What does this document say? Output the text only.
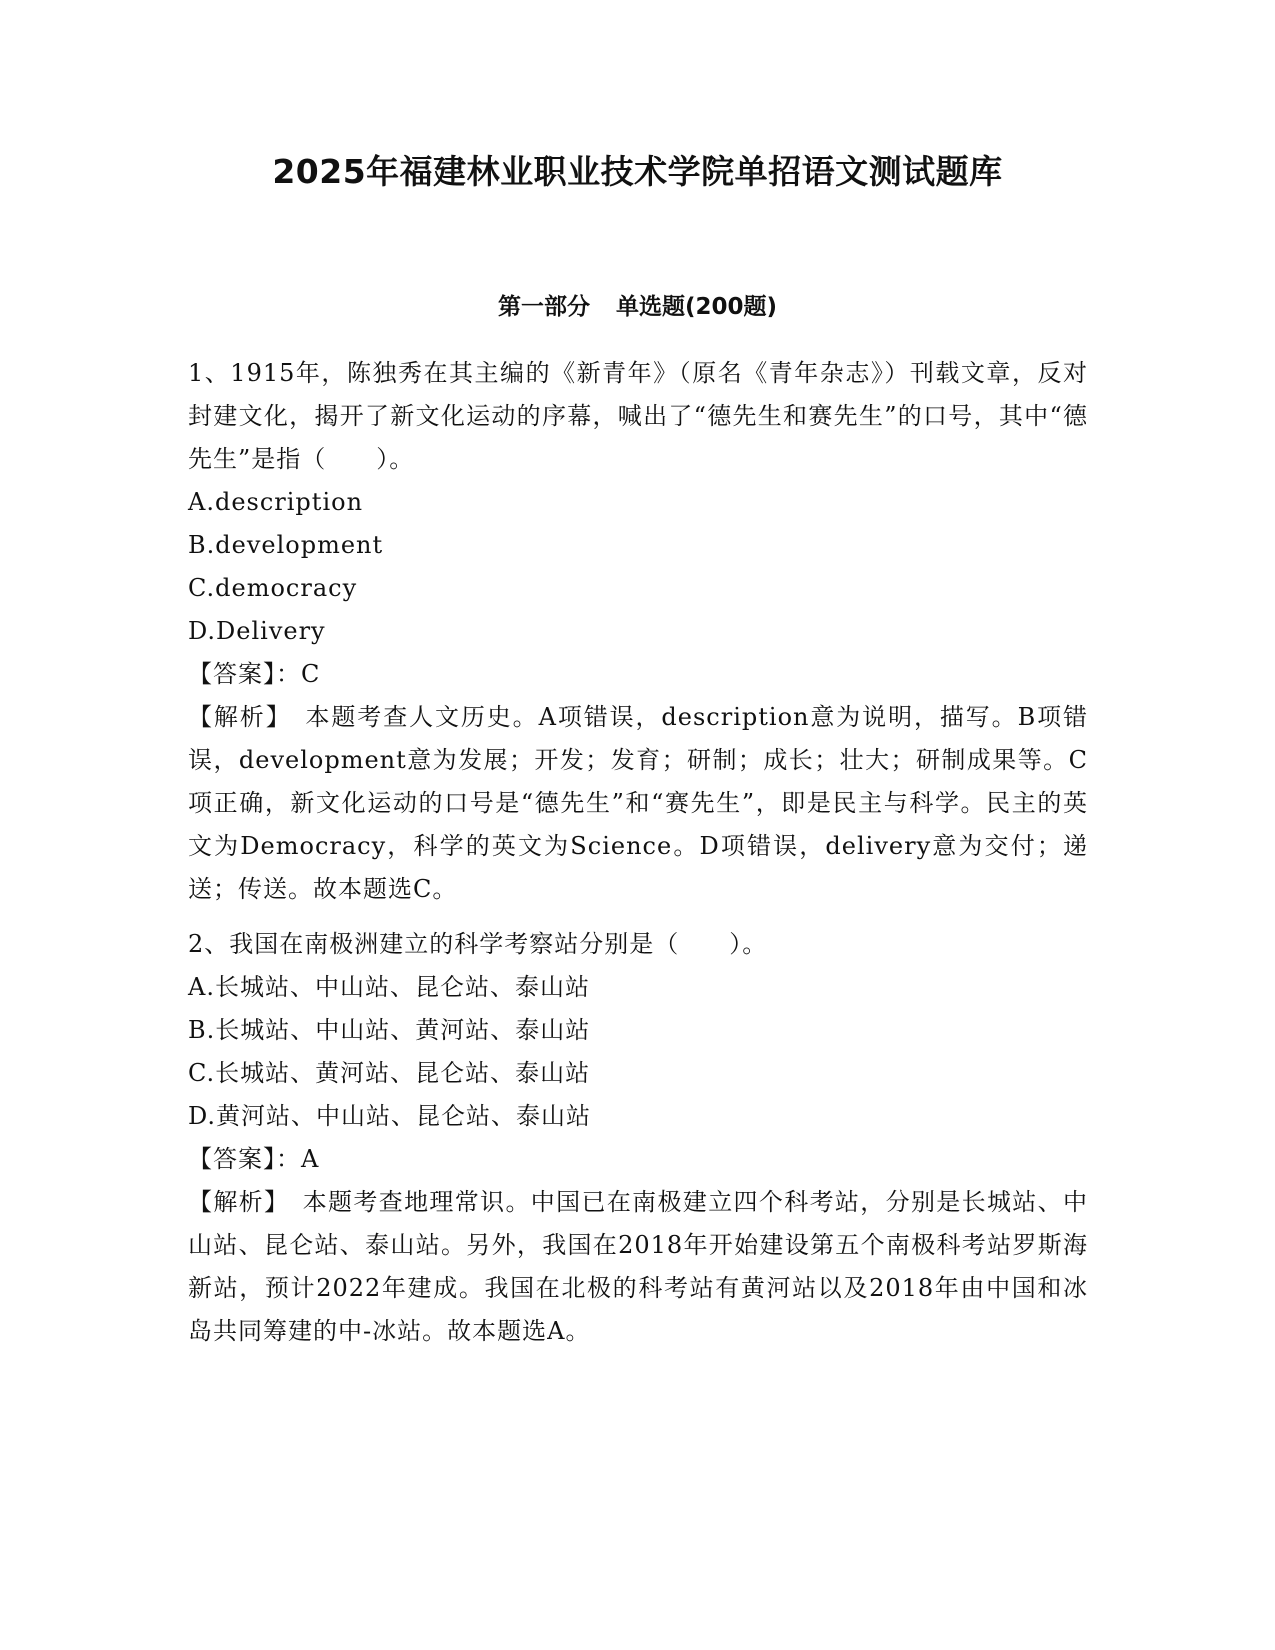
2025年福建林业职业技术学院单招语文测试题库
第一部分 单选题(200题)

1、1915年，陈独秀在其主编的《新青年》（原名《青年杂志》）刊载文章，反对封建文化，揭开了新文化运动的序幕，喊出了“德先生和赛先生”的口号，其中“德先生”是指（　　）。

A.description

B.development

C.democracy

D.Delivery

【答案】：C

【解析】　本题考查人文历史。A项错误，description意为说明，描写。B项错误，development意为发展；开发；发育；研制；成长；壮大；研制成果等。C项正确，新文化运动的口号是“德先生”和“赛先生”，即是民主与科学。民主的英文为Democracy，科学的英文为Science。D项错误，delivery意为交付；递送；传送。故本题选C。

2、我国在南极洲建立的科学考察站分别是（　　）。

A.长城站、中山站、昆仑站、泰山站

B.长城站、中山站、黄河站、泰山站

C.长城站、黄河站、昆仑站、泰山站

D.黄河站、中山站、昆仑站、泰山站

【答案】：A

【解析】　本题考查地理常识。中国已在南极建立四个科考站，分别是长城站、中山站、昆仑站、泰山站。另外，我国在2018年开始建设第五个南极科考站罗斯海新站，预计2022年建成。我国在北极的科考站有黄河站以及2018年由中国和冰岛共同筹建的中-冰站。故本题选A。
